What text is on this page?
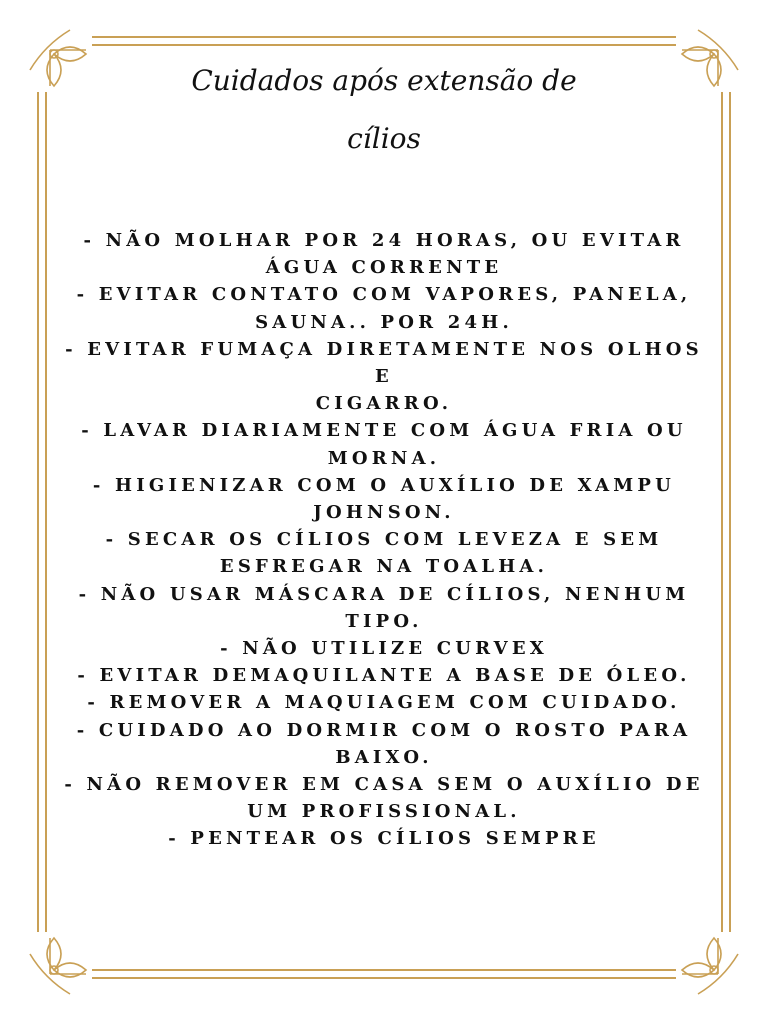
Cuidados após extensão de
cílios
- NÃO MOLHAR POR 24 HORAS, OU EVITAR
ÁGUA CORRENTE
- EVITAR CONTATO COM VAPORES, PANELA,
SAUNA.. POR 24H.
- EVITAR FUMAÇA DIRETAMENTE NOS OLHOS E
CIGARRO.
- LAVAR DIARIAMENTE COM ÁGUA FRIA OU
MORNA.
- HIGIENIZAR COM O AUXÍLIO DE XAMPU
JOHNSON.
- SECAR OS CÍLIOS COM LEVEZA E SEM
ESFREGAR NA TOALHA.
- NÃO USAR MÁSCARA DE CÍLIOS, NENHUM
TIPO.
- NÃO UTILIZE CURVEX
- EVITAR DEMAQUILANTE A BASE DE ÓLEO.
- REMOVER A MAQUIAGEM COM CUIDADO.
- CUIDADO AO DORMIR COM O ROSTO PARA
BAIXO.
- NÃO REMOVER EM CASA SEM O AUXÍLIO DE
UM PROFISSIONAL.
- PENTEAR OS CÍLIOS SEMPRE
